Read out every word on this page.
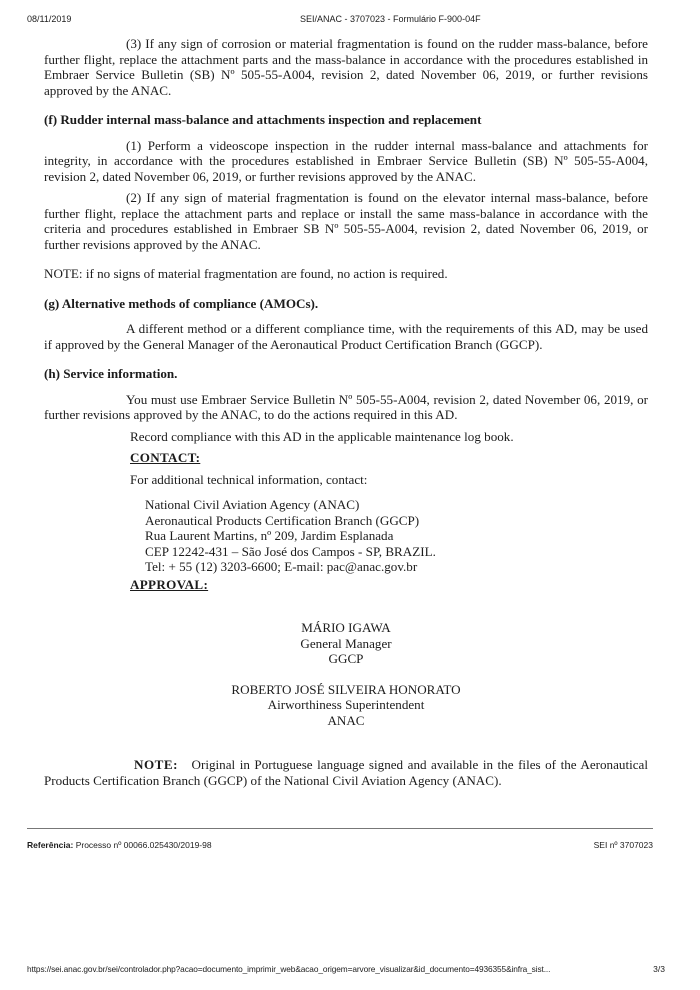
08/11/2019	SEI/ANAC - 3707023 - Formulário F-900-04F

(3) If any sign of corrosion or material fragmentation is found on the rudder mass-balance, before further flight, replace the attachment parts and the mass-balance in accordance with the procedures established in Embraer Service Bulletin (SB) Nº 505-55-A004, revision 2, dated November 06, 2019, or further revisions approved by the ANAC.

(f) Rudder internal mass-balance and attachments inspection and replacement

(1) Perform a videoscope inspection in the rudder internal mass-balance and attachments for integrity, in accordance with the procedures established in Embraer Service Bulletin (SB) Nº 505-55-A004, revision 2, dated November 06, 2019, or further revisions approved by the ANAC.

(2) If any sign of material fragmentation is found on the elevator internal mass-balance, before further flight, replace the attachment parts and replace or install the same mass-balance in accordance with the criteria and procedures established in Embraer SB Nº 505-55-A004, revision 2, dated November 06, 2019, or further revisions approved by the ANAC.

NOTE: if no signs of material fragmentation are found, no action is required.

(g) Alternative methods of compliance (AMOCs).

A different method or a different compliance time, with the requirements of this AD, may be used if approved by the General Manager of the Aeronautical Product Certification Branch (GGCP).

(h) Service information.

You must use Embraer Service Bulletin Nº 505-55-A004, revision 2, dated November 06, 2019, or further revisions approved by the ANAC, to do the actions required in this AD.

Record compliance with this AD in the applicable maintenance log book.

CONTACT:

For additional technical information, contact:

National Civil Aviation Agency (ANAC)
Aeronautical Products Certification Branch (GGCP)
Rua Laurent Martins, nº 209, Jardim Esplanada
CEP 12242-431 – São José dos Campos - SP, BRAZIL.
Tel: + 55 (12) 3203-6600; E-mail: pac@anac.gov.br

APPROVAL:

MÁRIO IGAWA
General Manager
GGCP
ROBERTO JOSÉ SILVEIRA HONORATO
Airworthiness Superintendent
ANAC

NOTE: Original in Portuguese language signed and available in the files of the Aeronautical Products Certification Branch (GGCP) of the National Civil Aviation Agency (ANAC).

Referência: Processo nº 00066.025430/2019-98	SEI nº 3707023
https://sei.anac.gov.br/sei/controlador.php?acao=documento_imprimir_web&acao_origem=arvore_visualizar&id_documento=4936355&infra_sist...	3/3
